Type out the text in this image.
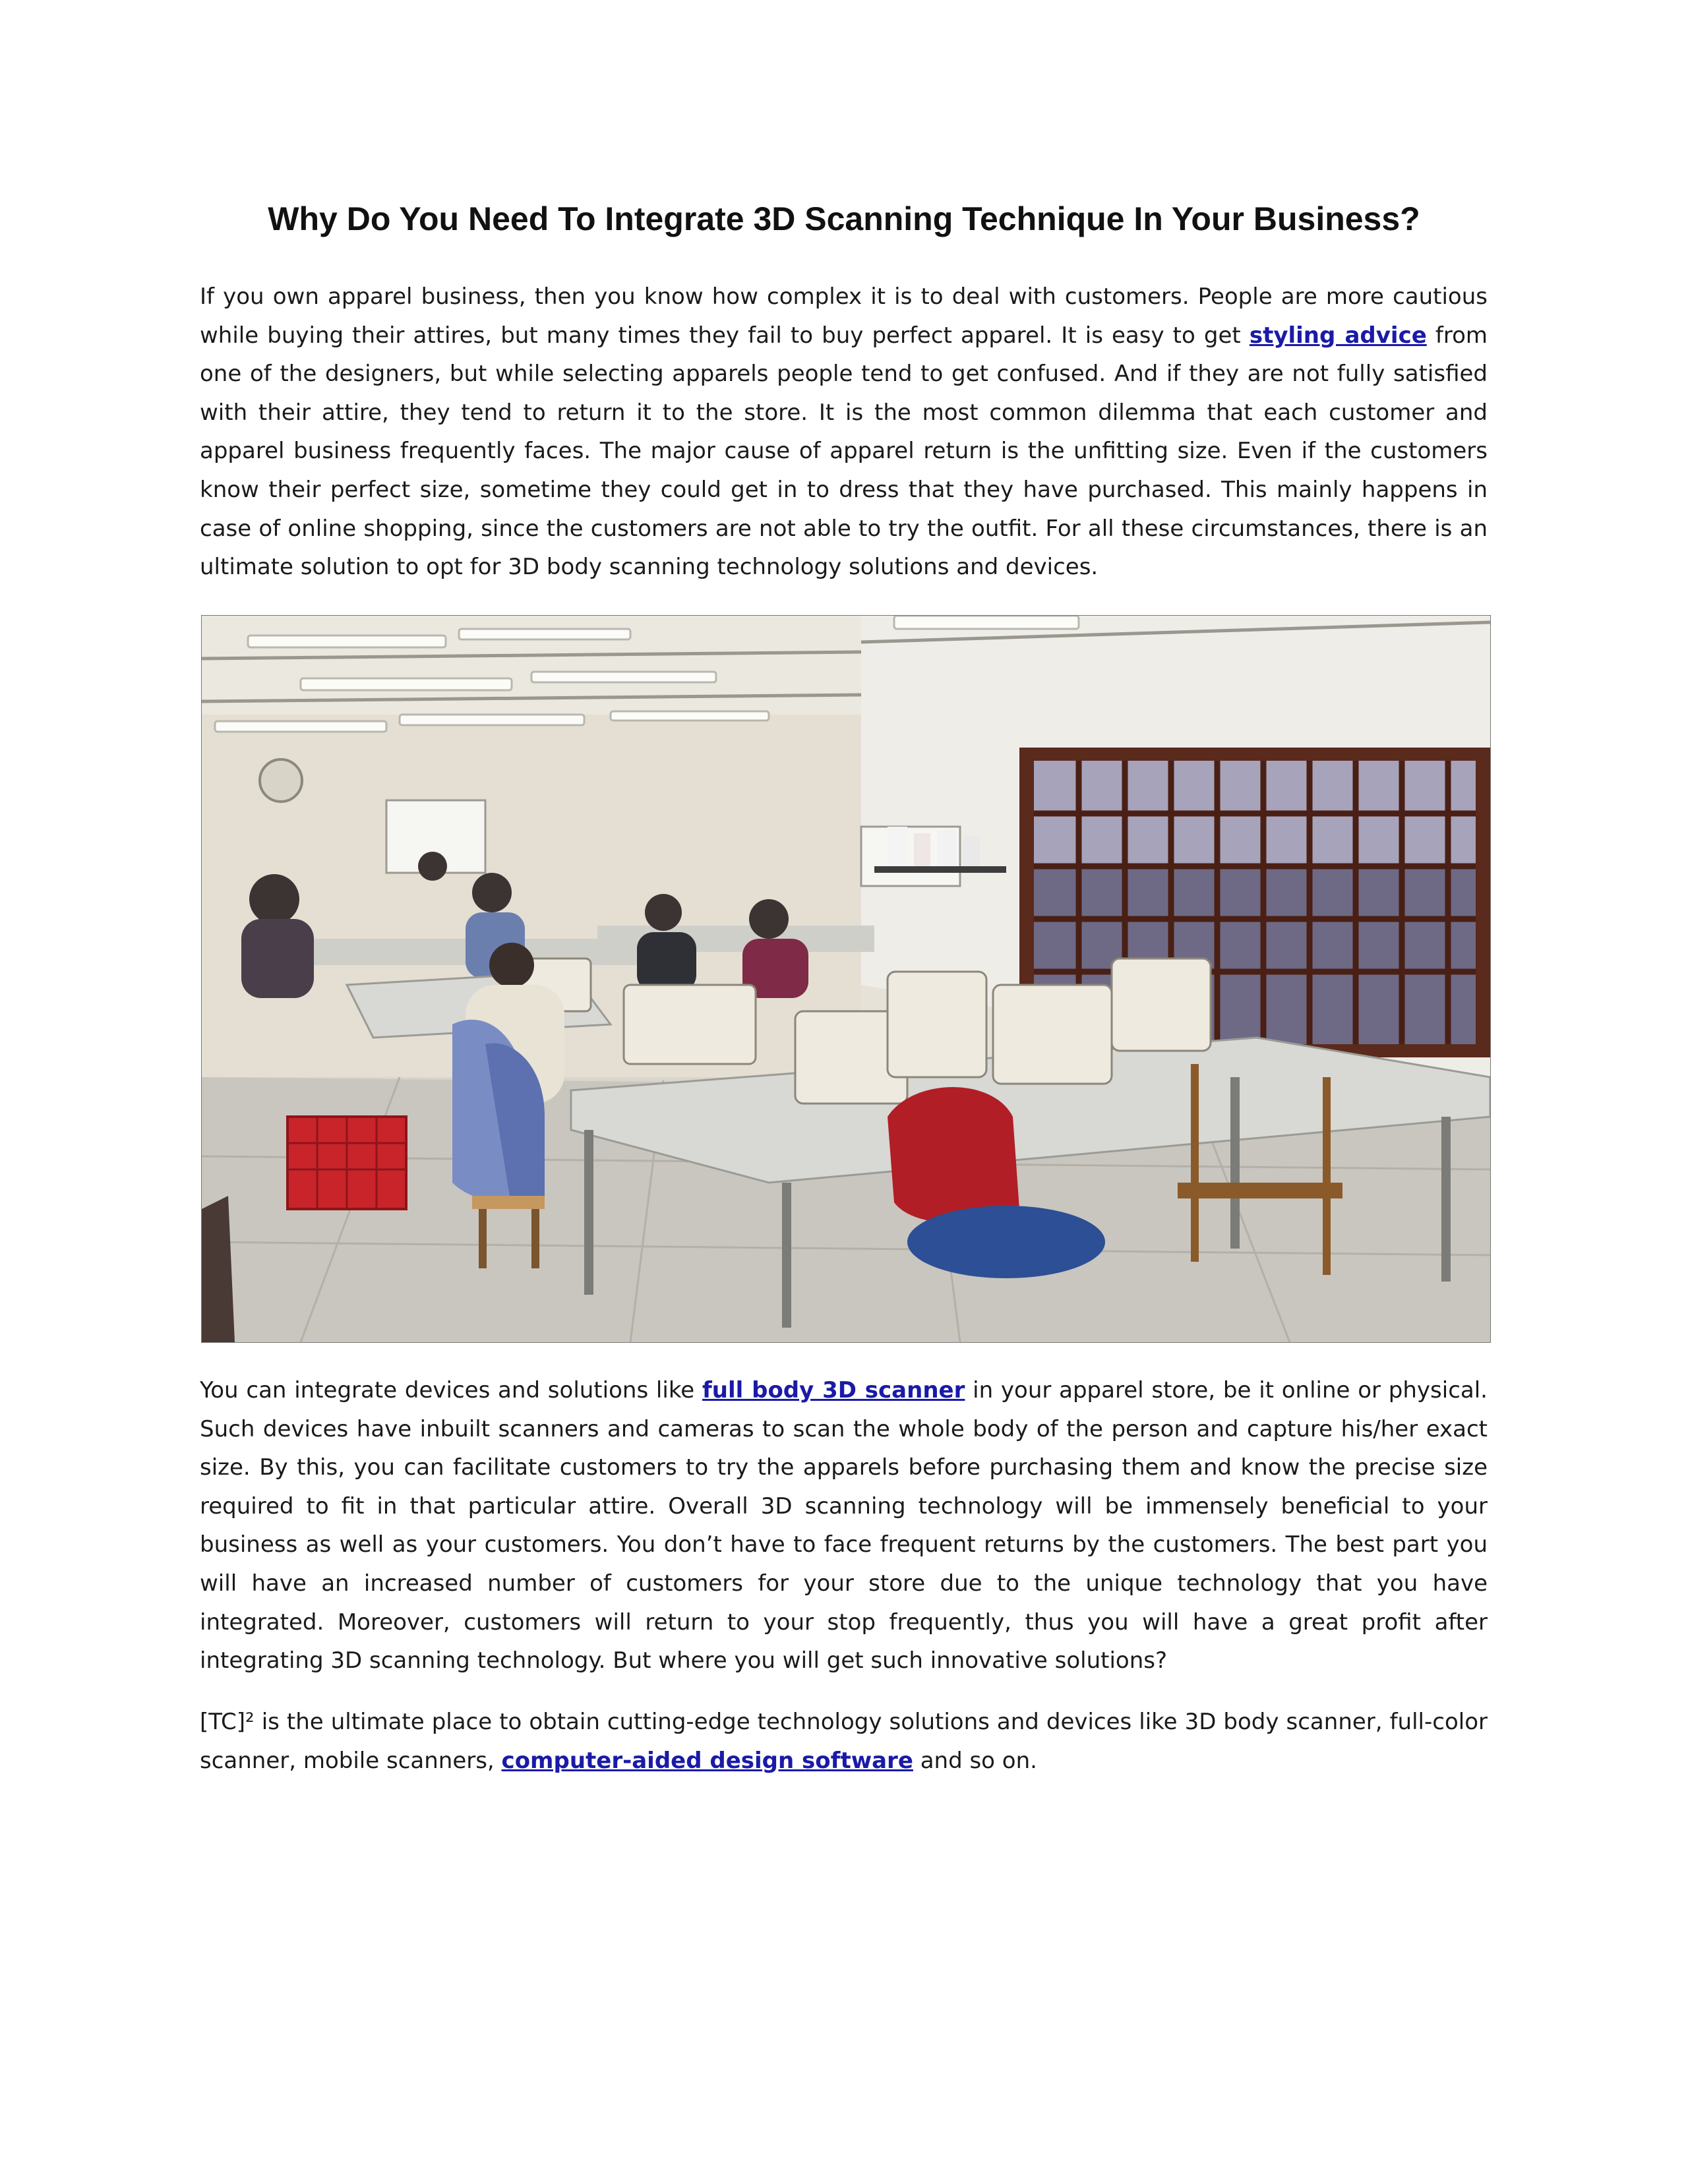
Why Do You Need To Integrate 3D Scanning Technique In Your Business?

If you own apparel business, then you know how complex it is to deal with customers. People are more cautious while buying their attires, but many times they fail to buy perfect apparel. It is easy to get styling advice from one of the designers, but while selecting apparels people tend to get confused. And if they are not fully satisfied with their attire, they tend to return it to the store. It is the most common dilemma that each customer and apparel business frequently faces. The major cause of apparel return is the unfitting size. Even if the customers know their perfect size, sometime they could get in to dress that they have purchased. This mainly happens in case of online shopping, since the customers are not able to try the outfit. For all these circumstances, there is an ultimate solution to opt for 3D body scanning technology solutions and devices.

You can integrate devices and solutions like full body 3D scanner in your apparel store, be it online or physical. Such devices have inbuilt scanners and cameras to scan the whole body of the person and capture his/her exact size. By this, you can facilitate customers to try the apparels before purchasing them and know the precise size required to fit in that particular attire. Overall 3D scanning technology will be immensely beneficial to your business as well as your customers. You don’t have to face frequent returns by the customers. The best part you will have an increased number of customers for your store due to the unique technology that you have integrated. Moreover, customers will return to your stop frequently, thus you will have a great profit after integrating 3D scanning technology. But where you will get such innovative solutions?

[TC]² is the ultimate place to obtain cutting-edge technology solutions and devices like 3D body scanner, full-color scanner, mobile scanners, computer-aided design software and so on.
